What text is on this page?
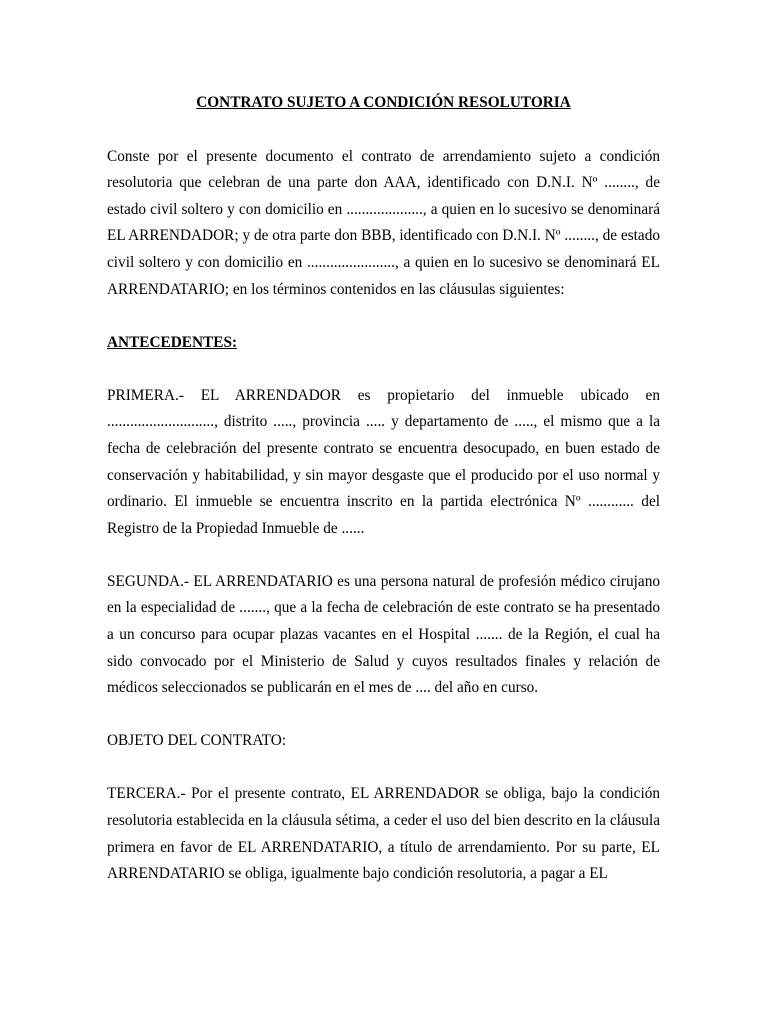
CONTRATO SUJETO A CONDICIÓN RESOLUTORIA

Conste por el presente documento el contrato de arrendamiento sujeto a condición resolutoria que celebran de una parte don AAA, identificado con D.N.I. Nº ........, de estado civil soltero y con domicilio en ...................., a quien en lo sucesivo se denominará EL ARRENDADOR; y de otra parte don BBB, identificado con D.N.I. Nº ........, de estado civil soltero y con domicilio en ......................., a quien en lo sucesivo se denominará EL ARRENDATARIO; en los términos contenidos en las cláusulas siguientes:

ANTECEDENTES:

PRIMERA.- EL ARRENDADOR es propietario del inmueble ubicado en ............................, distrito ....., provincia ..... y departamento de ....., el mismo que a la fecha de celebración del presente contrato se encuentra desocupado, en buen estado de conservación y habitabilidad, y sin mayor desgaste que el producido por el uso normal y ordinario. El inmueble se encuentra inscrito en la partida electrónica Nº ............ del Registro de la Propiedad Inmueble de ......

SEGUNDA.- EL ARRENDATARIO es una persona natural de profesión médico cirujano en la especialidad de ......., que a la fecha de celebración de este contrato se ha presentado a un concurso para ocupar plazas vacantes en el Hospital ....... de la Región, el cual ha sido convocado por el Ministerio de Salud y cuyos resultados finales y relación de médicos seleccionados se publicarán en el mes de .... del año en curso.

OBJETO DEL CONTRATO:

TERCERA.- Por el presente contrato, EL ARRENDADOR se obliga, bajo la condición resolutoria establecida en la cláusula sétima, a ceder el uso del bien descrito en la cláusula primera en favor de EL ARRENDATARIO, a título de arrendamiento. Por su parte, EL ARRENDATARIO se obliga, igualmente bajo condición resolutoria, a pagar a EL
